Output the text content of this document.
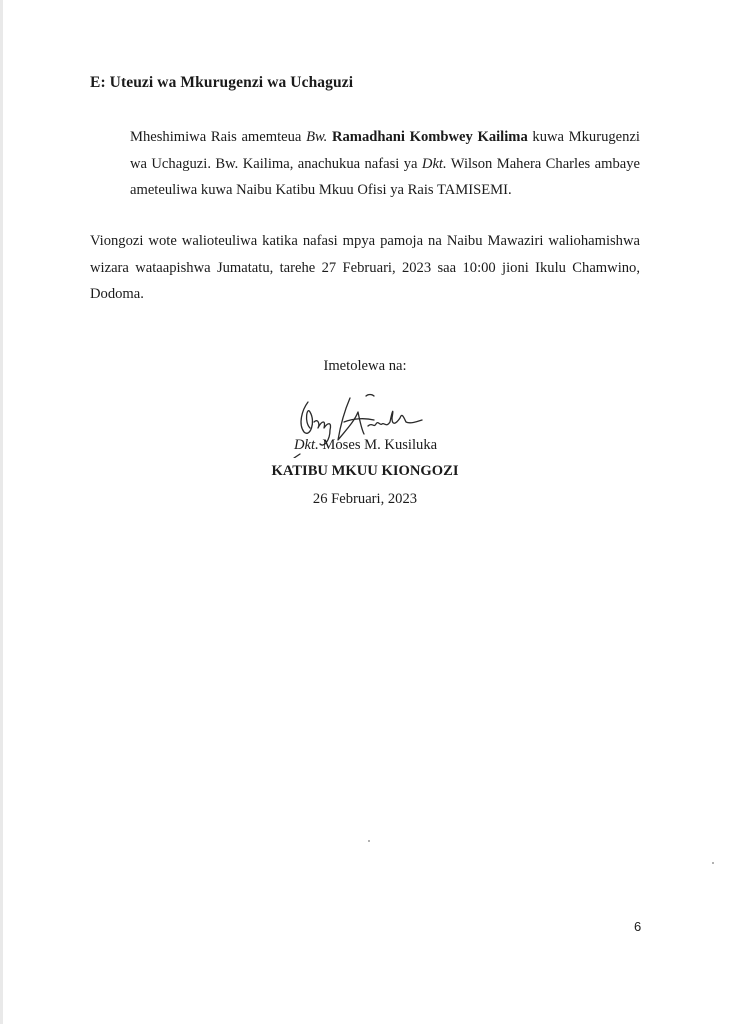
E: Uteuzi wa Mkurugenzi wa Uchaguzi

Mheshimiwa Rais amemteua Bw. Ramadhani Kombwey Kailima kuwa Mkurugenzi wa Uchaguzi. Bw. Kailima, anachukua nafasi ya Dkt. Wilson Mahera Charles ambaye ameteuliwa kuwa Naibu Katibu Mkuu Ofisi ya Rais TAMISEMI.

Viongozi wote walioteuliwa katika nafasi mpya pamoja na Naibu Mawaziri waliohamishwa wizara wataapishwa Jumatatu, tarehe 27 Februari, 2023 saa 10:00 jioni Ikulu Chamwino, Dodoma.

Imetolewa na:
Dkt. Moses M. Kusiluka
KATIBU MKUU KIONGOZI
26 Februari, 2023
6
